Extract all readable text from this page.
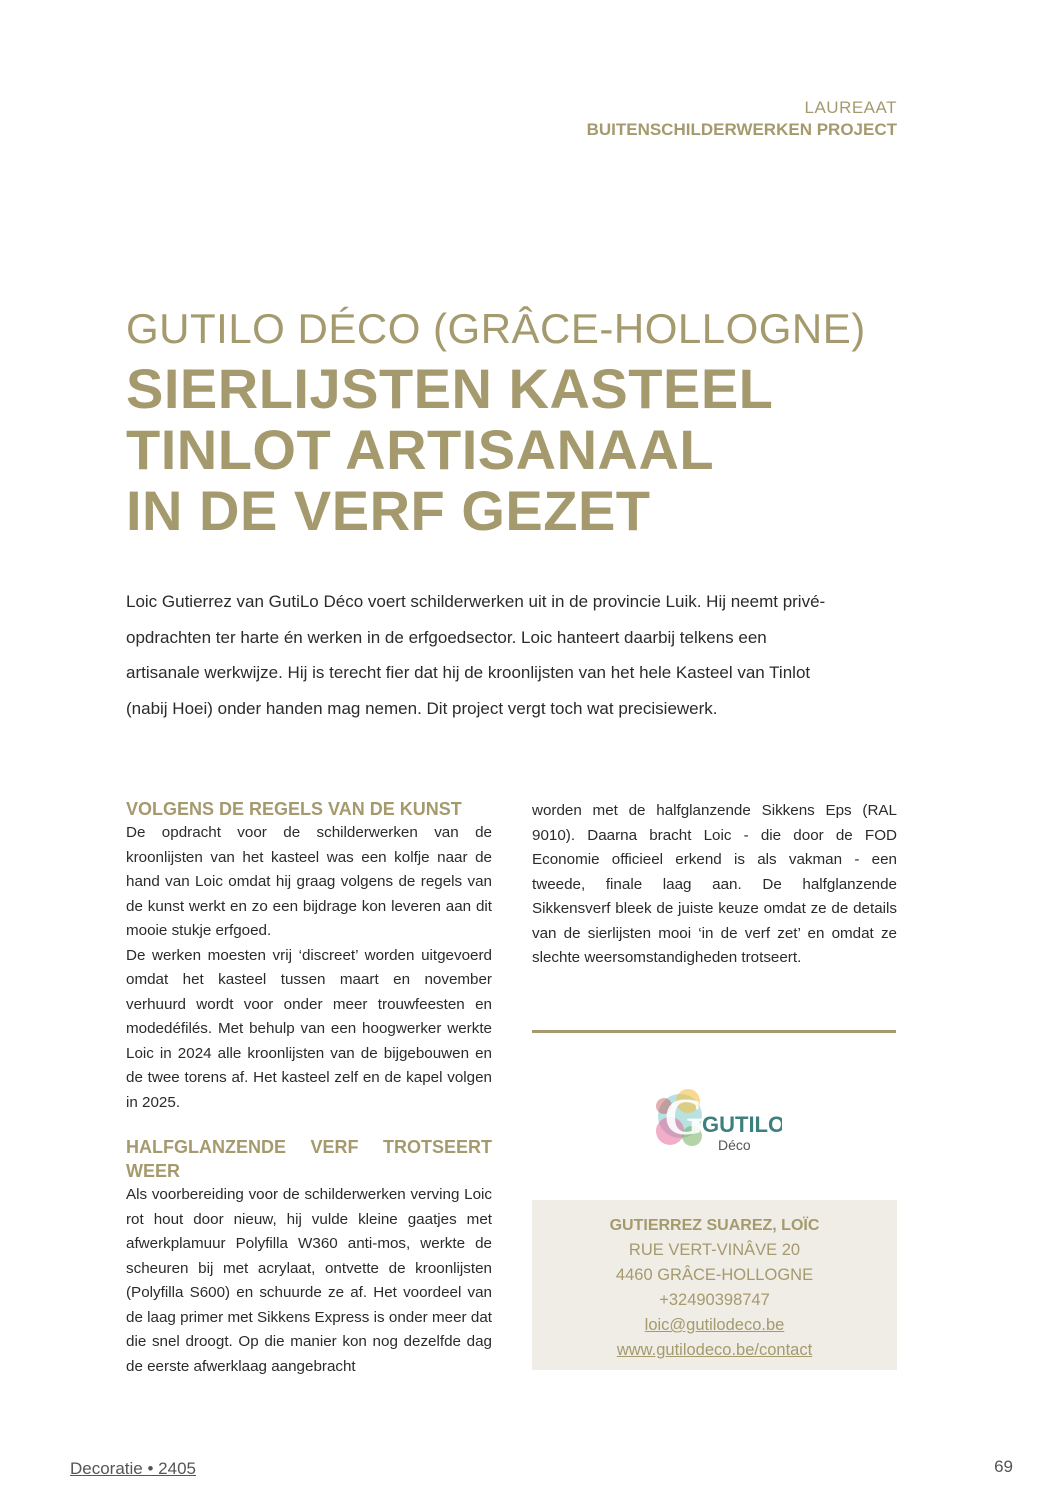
LAUREAAT
BUITENSCHILDERWERKEN PROJECT
GUTILO DÉCO (GRÂCE-HOLLOGNE)
SIERLIJSTEN KASTEEL
TINLOT ARTISANAAL
IN DE VERF GEZET
Loic Gutierrez van GutiLo Déco voert schilderwerken uit in de provincie Luik. Hij neemt privé-opdrachten ter harte én werken in de erfgoedsector. Loic hanteert daarbij telkens een artisanale werkwijze. Hij is terecht fier dat hij de kroonlijsten van het hele Kasteel van Tinlot (nabij Hoei) onder handen mag nemen. Dit project vergt toch wat precisiewerk.
VOLGENS DE REGELS VAN DE KUNST

De opdracht voor de schilderwerken van de kroonlijsten van het kasteel was een kolfje naar de hand van Loic omdat hij graag volgens de regels van de kunst werkt en zo een bijdrage kon leveren aan dit mooie stukje erfgoed.

De werken moesten vrij ‘discreet’ worden uitgevoerd omdat het kasteel tussen maart en november verhuurd wordt voor onder meer trouwfeesten en modedéfilés. Met behulp van een hoogwerker werkte Loic in 2024 alle kroonlijsten van de bijgebouwen en de twee torens af. Het kasteel zelf en de kapel volgen in 2025.

HALFGLANZENDE VERF TROTSEERT WEER

Als voorbereiding voor de schilderwerken verving Loic rot hout door nieuw, hij vulde kleine gaatjes met afwerkplamuur Polyfilla W360 anti-mos, werkte de scheuren bij met acrylaat, ontvette de kroonlijsten (Polyfilla S600) en schuurde ze af. Het voordeel van de laag primer met Sikkens Express is onder meer dat die snel droogt. Op die manier kon nog dezelfde dag de eerste afwerklaag aangebracht

worden met de halfglanzende Sikkens Eps (RAL 9010). Daarna bracht Loic - die door de FOD Economie officieel erkend is als vakman - een tweede, finale laag aan. De halfglanzende Sikkensverf bleek de juiste keuze omdat ze de details van de sierlijsten mooi ‘in de verf zet’ en omdat ze slechte weersomstandigheden trotseert.

G
GUTILO
Déco
GUTIERREZ SUAREZ, LOÏC
RUE VERT-VINÂVE 20
4460 GRÂCE-HOLLOGNE
+32490398747
loic@gutilodeco.be
www.gutilodeco.be/contact
Decoratie • 2405	69
